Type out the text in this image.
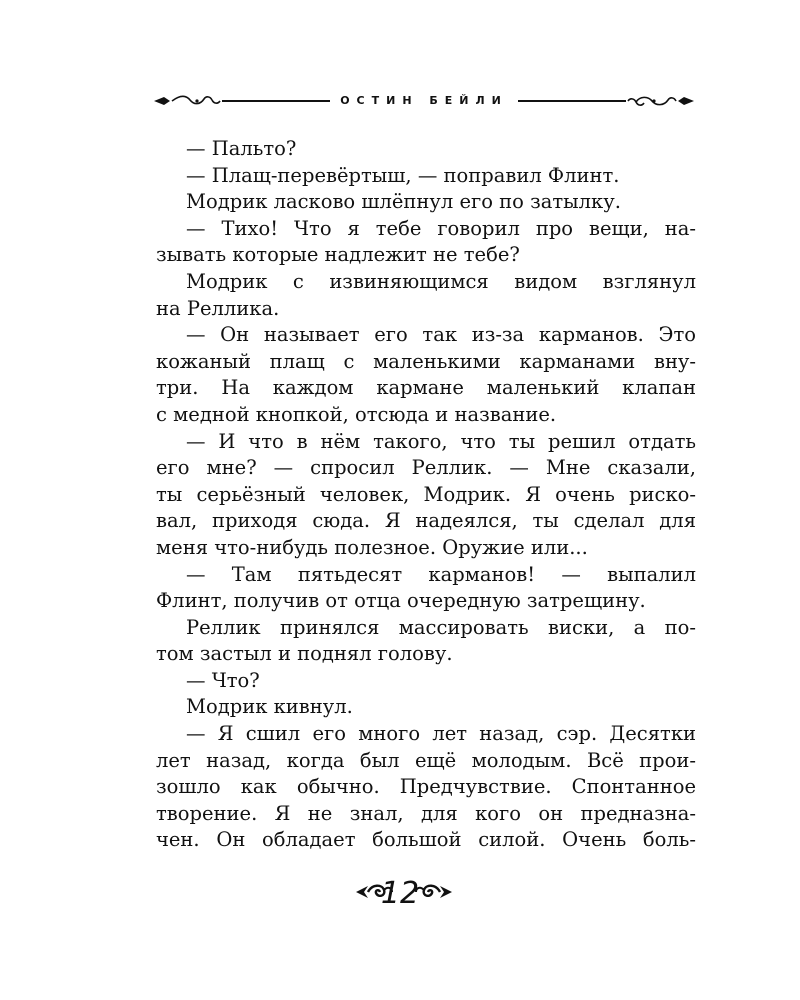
ОСТИН БЕЙЛИ
— Пальто?
— Плащ-перевёртыш, — поправил Флинт.
Модрик ласково шлёпнул его по затылку.
— Тихо! Что я тебе говорил про вещи, на-
зывать которые надлежит не тебе?
Модрик с извиняющимся видом взглянул
на Реллика.
— Он называет его так из-за карманов. Это
кожаный плащ с маленькими карманами вну-
три. На каждом кармане маленький клапан
с медной кнопкой, отсюда и название.
— И что в нём такого, что ты решил отдать
его мне? — спросил Реллик. — Мне сказали,
ты серьёзный человек, Модрик. Я очень риско-
вал, приходя сюда. Я надеялся, ты сделал для
меня что-нибудь полезное. Оружие или...
— Там пятьдесят карманов! — выпалил
Флинт, получив от отца очередную затрещину.
Реллик принялся массировать виски, а по-
том застыл и поднял голову.
— Что?
Модрик кивнул.
— Я сшил его много лет назад, сэр. Десятки
лет назад, когда был ещё молодым. Всё прои-
зошло как обычно. Предчувствие. Спонтанное
творение. Я не знал, для кого он предназна-
чен. Он обладает большой силой. Очень боль-
12
